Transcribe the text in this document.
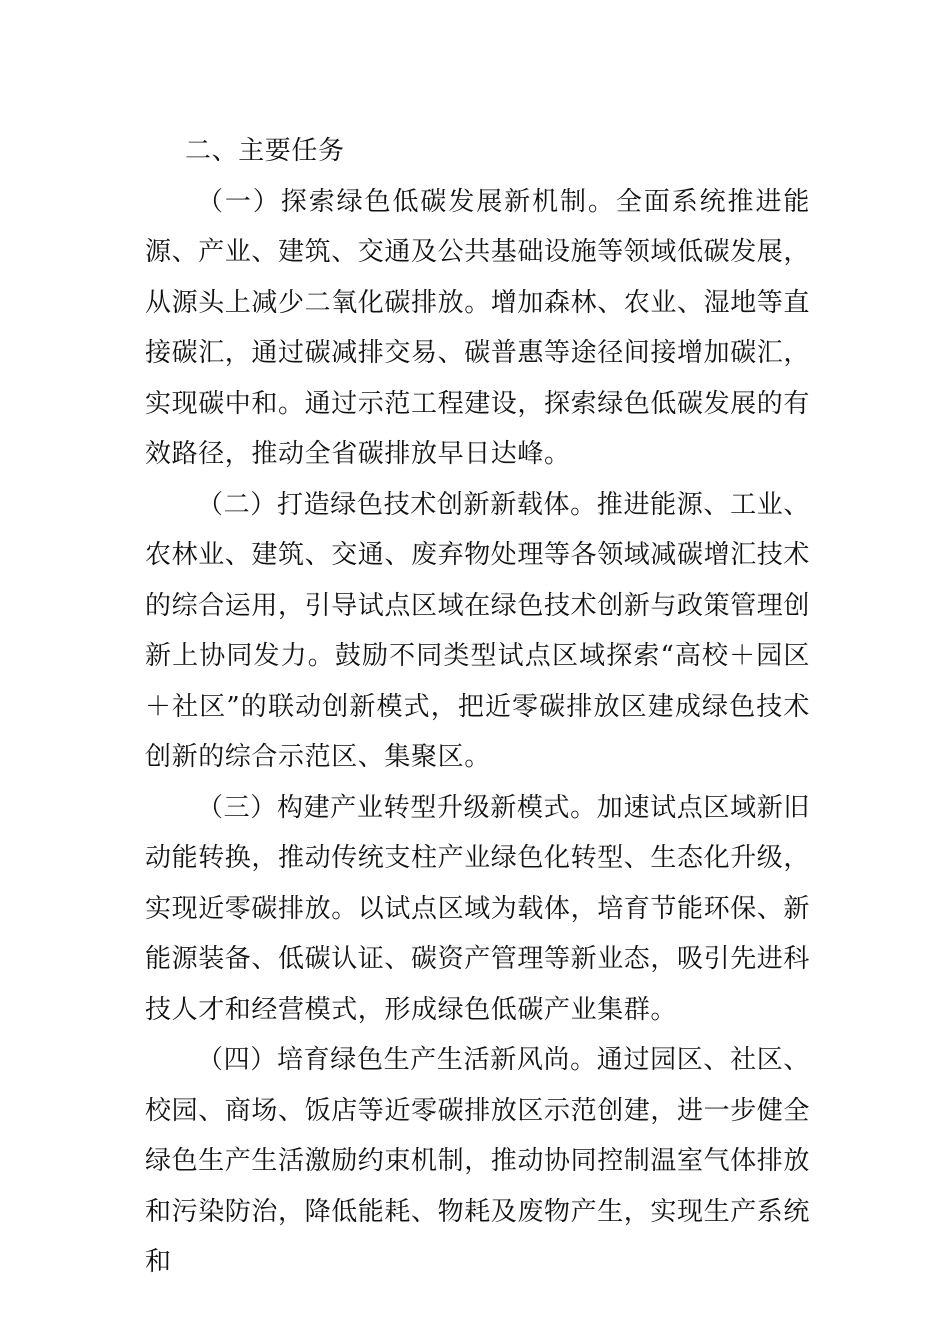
二、主要任务

（一）探索绿色低碳发展新机制。全面系统推进能源、产业、建筑、交通及公共基础设施等领域低碳发展，从源头上减少二氧化碳排放。增加森林、农业、湿地等直接碳汇，通过碳减排交易、碳普惠等途径间接增加碳汇，实现碳中和。通过示范工程建设，探索绿色低碳发展的有效路径，推动全省碳排放早日达峰。

（二）打造绿色技术创新新载体。推进能源、工业、农林业、建筑、交通、废弃物处理等各领域减碳增汇技术的综合运用，引导试点区域在绿色技术创新与政策管理创新上协同发力。鼓励不同类型试点区域探索“高校＋园区＋社区”的联动创新模式，把近零碳排放区建成绿色技术创新的综合示范区、集聚区。

（三）构建产业转型升级新模式。加速试点区域新旧动能转换，推动传统支柱产业绿色化转型、生态化升级，实现近零碳排放。以试点区域为载体，培育节能环保、新能源装备、低碳认证、碳资产管理等新业态，吸引先进科技人才和经营模式，形成绿色低碳产业集群。

（四）培育绿色生产生活新风尚。通过园区、社区、校园、商场、饭店等近零碳排放区示范创建，进一步健全绿色生产生活激励约束机制，推动协同控制温室气体排放和污染防治，降低能耗、物耗及废物产生，实现生产系统和
